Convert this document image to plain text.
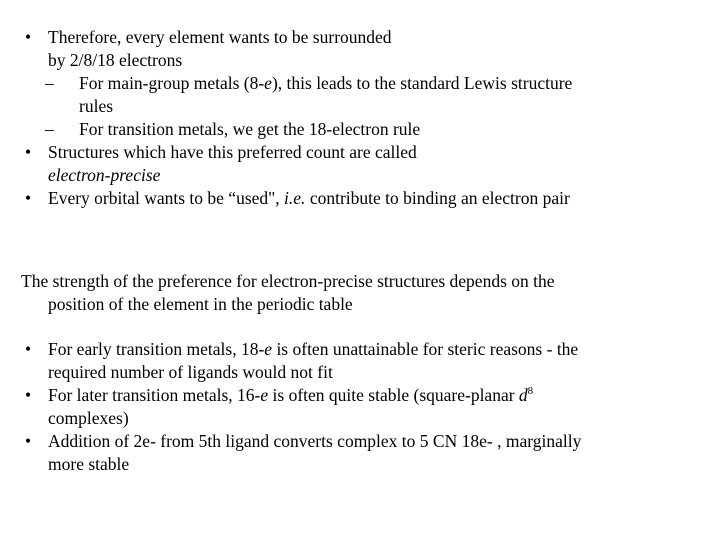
• Therefore, every element wants to be surrounded
by 2/8/18 electrons
– For main-group metals (8-e), this leads to the standard Lewis structure
rules
– For transition metals, we get the 18-electron rule
• Structures which have this preferred count are called
electron-precise
• Every orbital wants to be “used", i.e. contribute to binding an electron pair
The strength of the preference for electron-precise structures depends on the
position of the element in the periodic table
• For early transition metals, 18-e is often unattainable for steric reasons - the
required number of ligands would not fit
• For later transition metals, 16-e is often quite stable (square-planar $d^8$
complexes)
• Addition of 2e- from 5th ligand converts complex to 5 CN 18e- , marginally
more stable
